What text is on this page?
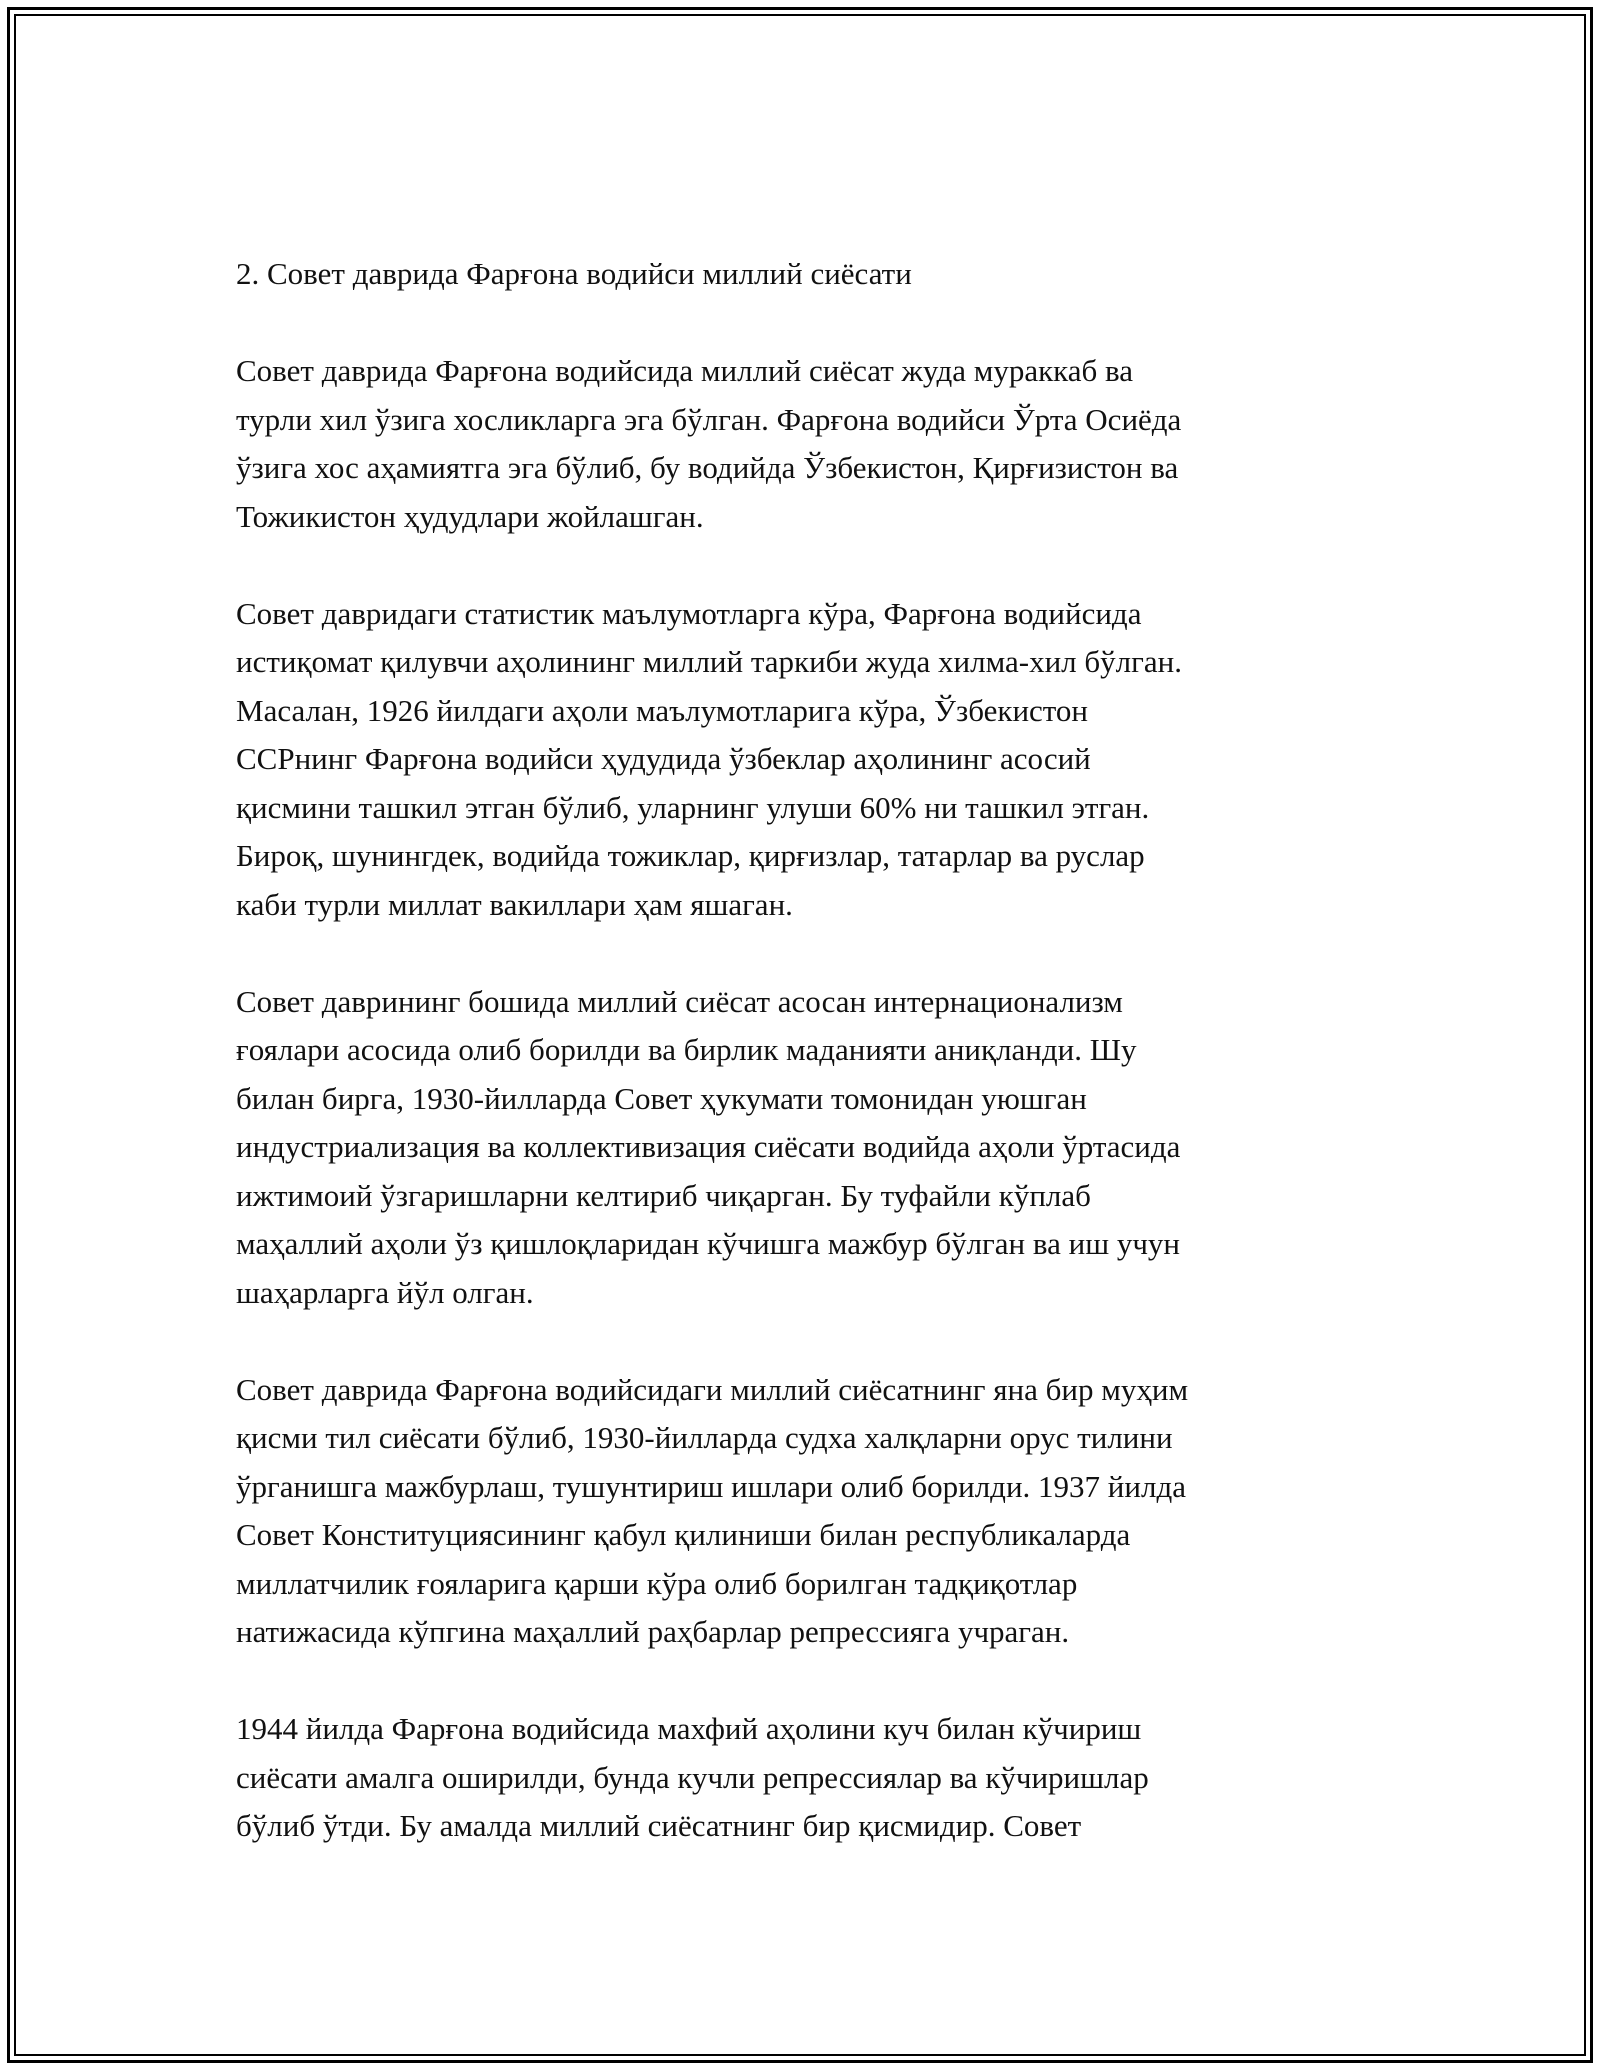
2. Совет даврида Фарғона водийси миллий сиёсати
Совет даврида Фарғона водийсида миллий сиёсат жуда мураккаб ва
турли хил ўзига хосликларга эга бўлган. Фарғона водийси Ўрта Осиёда
ўзига хос аҳамиятга эга бўлиб, бу водийда Ўзбекистон, Қирғизистон ва
Тожикистон ҳудудлари жойлашган.
Совет давридаги статистик маълумотларга кўра, Фарғона водийсида
истиқомат қилувчи аҳолининг миллий таркиби жуда хилма-хил бўлган.
Масалан, 1926 йилдаги аҳоли маълумотларига кўра, Ўзбекистон
ССРнинг Фарғона водийси ҳудудида ўзбеклар аҳолининг асосий
қисмини ташкил этган бўлиб, уларнинг улуши 60% ни ташкил этган.
Бироқ, шунингдек, водийда тожиклар, қирғизлар, татарлар ва руслар
каби турли миллат вакиллари ҳам яшаган.
Совет даврининг бошида миллий сиёсат асосан интернационализм
ғоялари асосида олиб борилди ва бирлик маданияти аниқланди. Шу
билан бирга, 1930-йилларда Совет ҳукумати томонидан уюшган
индустриализация ва коллективизация сиёсати водийда аҳоли ўртасида
ижтимоий ўзгаришларни келтириб чиқарган. Бу туфайли кўплаб
маҳаллий аҳоли ўз қишлоқларидан кўчишга мажбур бўлган ва иш учун
шаҳарларга йўл олган.
Совет даврида Фарғона водийсидаги миллий сиёсатнинг яна бир муҳим
қисми тил сиёсати бўлиб, 1930-йилларда судха халқларни орус тилини
ўрганишга мажбурлаш, тушунтириш ишлари олиб борилди. 1937 йилда
Совет Конституциясининг қабул қилиниши билан республикаларда
миллатчилик ғояларига қарши кўра олиб борилган тадқиқотлар
натижасида кўпгина маҳаллий раҳбарлар репрессияга учраган.
1944 йилда Фарғона водийсида махфий аҳолини куч билан кўчириш
сиёсати амалга оширилди, бунда кучли репрессиялар ва кўчиришлар
бўлиб ўтди. Бу амалда миллий сиёсатнинг бир қисмидир. Совет
